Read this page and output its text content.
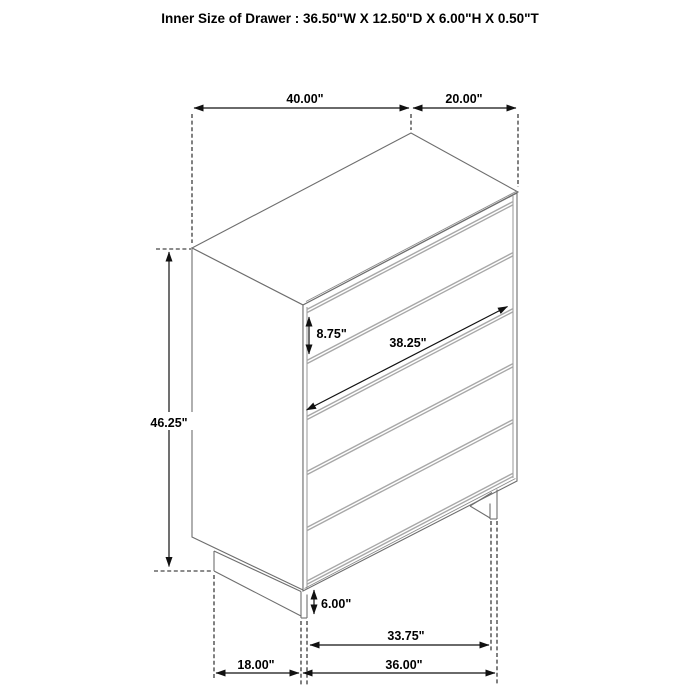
Inner Size of Drawer : 36.50"W X 12.50"D X 6.00"H X 0.50"T
40.00"	20.00"
46.25"
8.75"
38.25"
6.00"
33.75"
18.00"	36.00"
